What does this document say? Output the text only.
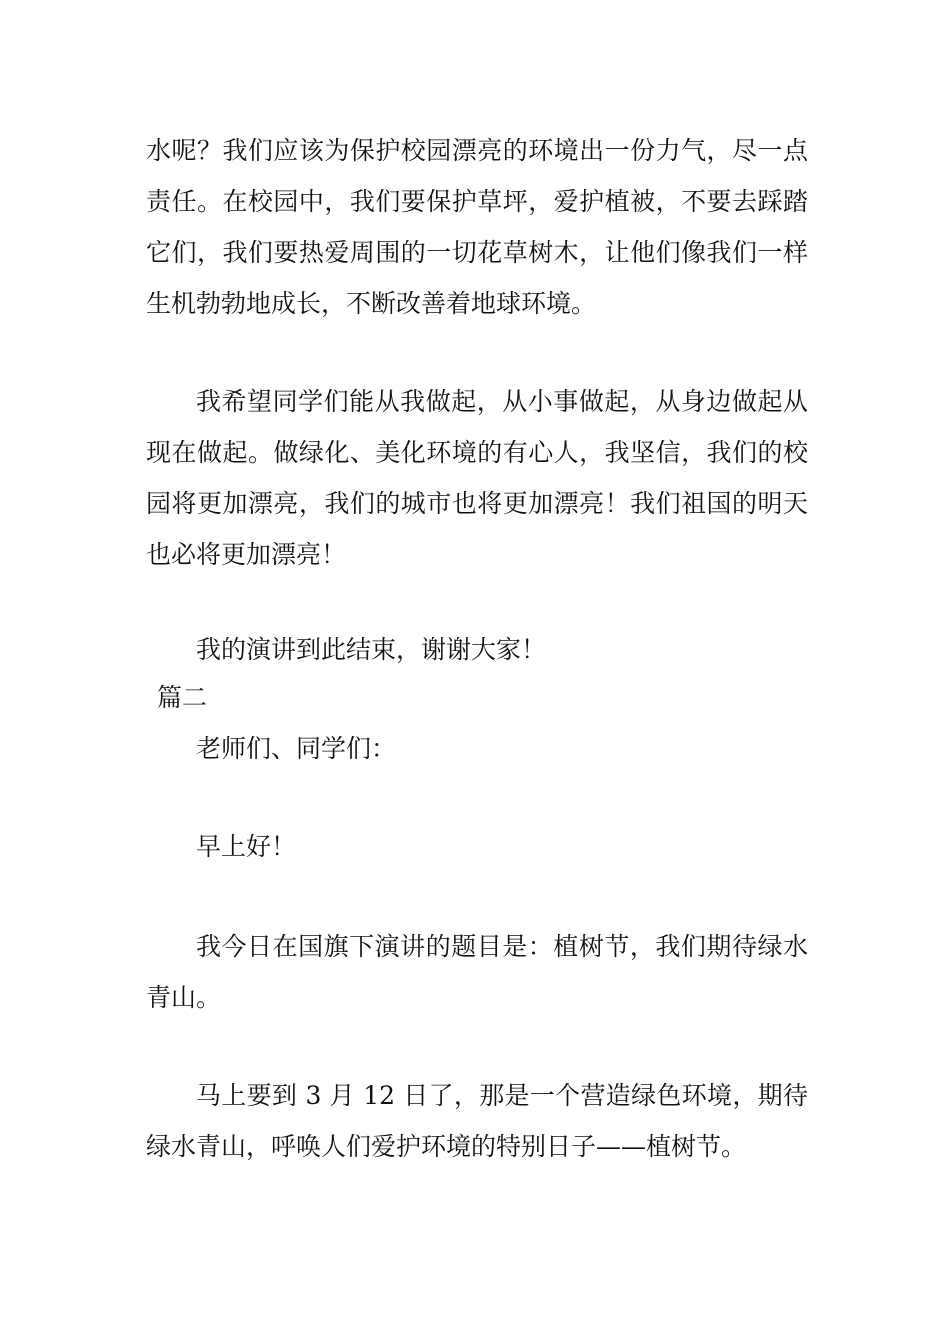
水呢？我们应该为保护校园漂亮的环境出一份力气，尽一点责任。在校园中，我们要保护草坪，爱护植被，不要去踩踏它们，我们要热爱周围的一切花草树木，让他们像我们一样生机勃勃地成长，不断改善着地球环境。

我希望同学们能从我做起，从小事做起，从身边做起从现在做起。做绿化、美化环境的有心人，我坚信，我们的校园将更加漂亮，我们的城市也将更加漂亮！我们祖国的明天也必将更加漂亮！

我的演讲到此结束，谢谢大家！

篇二

老师们、同学们：

早上好！

我今日在国旗下演讲的题目是：植树节，我们期待绿水青山。

马上要到 3 月 12 日了，那是一个营造绿色环境，期待绿水青山，呼唤人们爱护环境的特别日子——植树节。
